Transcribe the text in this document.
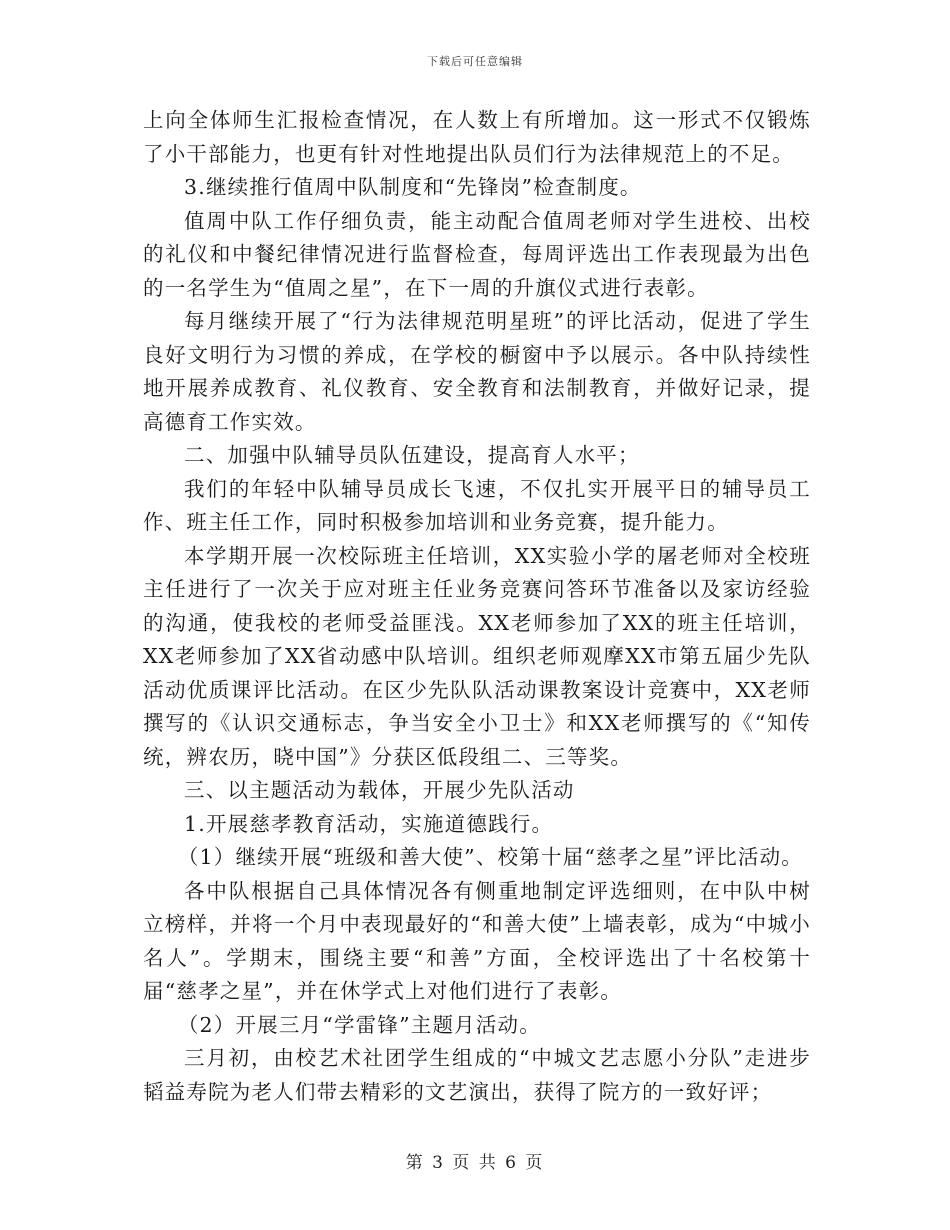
下载后可任意编辑

上向全体师生汇报检查情况，在人数上有所增加。这一形式不仅锻炼了小干部能力，也更有针对性地提出队员们行为法律规范上的不足。

3.继续推行值周中队制度和“先锋岗”检查制度。

值周中队工作仔细负责，能主动配合值周老师对学生进校、出校的礼仪和中餐纪律情况进行监督检查，每周评选出工作表现最为出色的一名学生为“值周之星”，在下一周的升旗仪式进行表彰。

每月继续开展了“行为法律规范明星班”的评比活动，促进了学生良好文明行为习惯的养成，在学校的橱窗中予以展示。各中队持续性地开展养成教育、礼仪教育、安全教育和法制教育，并做好记录，提高德育工作实效。

二、加强中队辅导员队伍建设，提高育人水平；

我们的年轻中队辅导员成长飞速，不仅扎实开展平日的辅导员工作、班主任工作，同时积极参加培训和业务竞赛，提升能力。

本学期开展一次校际班主任培训，XX实验小学的屠老师对全校班主任进行了一次关于应对班主任业务竞赛问答环节准备以及家访经验的沟通，使我校的老师受益匪浅。XX老师参加了XX的班主任培训，XX老师参加了XX省动感中队培训。组织老师观摩XX市第五届少先队活动优质课评比活动。在区少先队队活动课教案设计竞赛中，XX老师撰写的《认识交通标志，争当安全小卫士》和XX老师撰写的《“知传统，辨农历，晓中国”》分获区低段组二、三等奖。

三、以主题活动为载体，开展少先队活动

1.开展慈孝教育活动，实施道德践行。

（1）继续开展“班级和善大使”、校第十届“慈孝之星”评比活动。

各中队根据自己具体情况各有侧重地制定评选细则，在中队中树立榜样，并将一个月中表现最好的“和善大使”上墙表彰，成为“中城小名人”。学期末，围绕主要“和善”方面，全校评选出了十名校第十届“慈孝之星”，并在休学式上对他们进行了表彰。

（2）开展三月“学雷锋”主题月活动。

三月初，由校艺术社团学生组成的“中城文艺志愿小分队”走进步韬益寿院为老人们带去精彩的文艺演出，获得了院方的一致好评；

第 3 页 共 6 页
